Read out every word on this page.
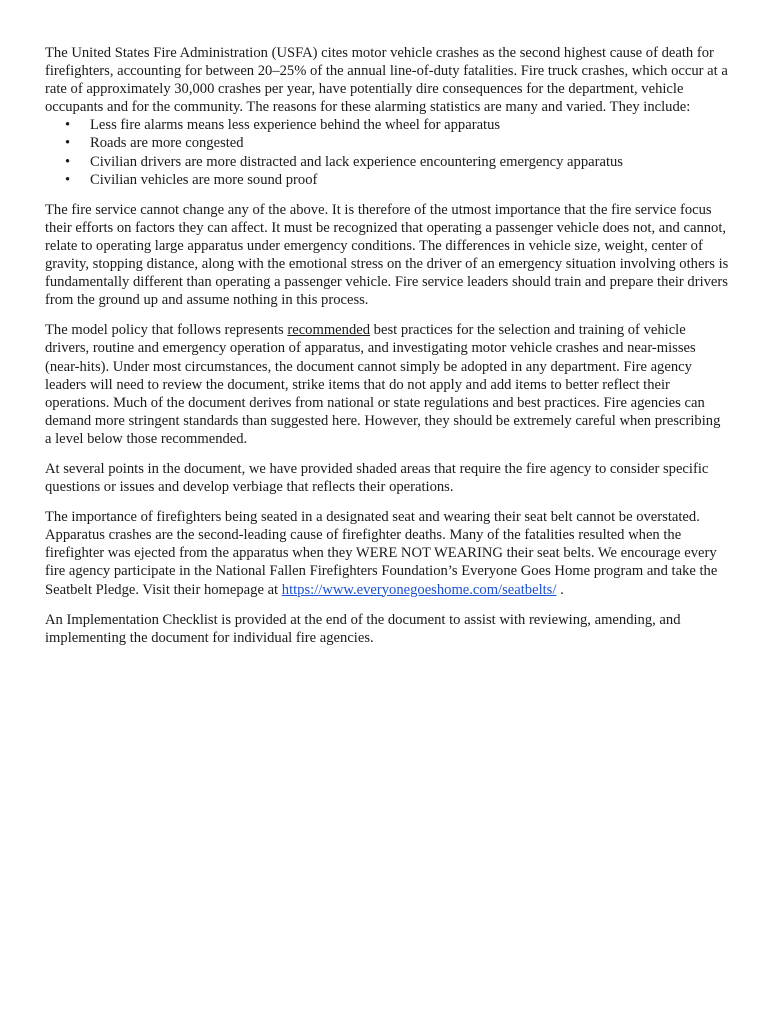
The United States Fire Administration (USFA) cites motor vehicle crashes as the second highest cause of death for firefighters, accounting for between 20–25% of the annual line-of-duty fatalities. Fire truck crashes, which occur at a rate of approximately 30,000 crashes per year, have potentially dire consequences for the department, vehicle occupants and for the community. The reasons for these alarming statistics are many and varied. They include:

• Less fire alarms means less experience behind the wheel for apparatus
• Roads are more congested
• Civilian drivers are more distracted and lack experience encountering emergency apparatus
• Civilian vehicles are more sound proof

The fire service cannot change any of the above. It is therefore of the utmost importance that the fire service focus their efforts on factors they can affect. It must be recognized that operating a passenger vehicle does not, and cannot, relate to operating large apparatus under emergency conditions. The differences in vehicle size, weight, center of gravity, stopping distance, along with the emotional stress on the driver of an emergency situation involving others is fundamentally different than operating a passenger vehicle. Fire service leaders should train and prepare their drivers from the ground up and assume nothing in this process.

The model policy that follows represents recommended best practices for the selection and training of vehicle drivers, routine and emergency operation of apparatus, and investigating motor vehicle crashes and near-misses (near-hits). Under most circumstances, the document cannot simply be adopted in any department. Fire agency leaders will need to review the document, strike items that do not apply and add items to better reflect their operations. Much of the document derives from national or state regulations and best practices. Fire agencies can demand more stringent standards than suggested here. However, they should be extremely careful when prescribing a level below those recommended.

At several points in the document, we have provided shaded areas that require the fire agency to consider specific questions or issues and develop verbiage that reflects their operations.

The importance of firefighters being seated in a designated seat and wearing their seat belt cannot be overstated. Apparatus crashes are the second-leading cause of firefighter deaths. Many of the fatalities resulted when the firefighter was ejected from the apparatus when they WERE NOT WEARING their seat belts. We encourage every fire agency participate in the National Fallen Firefighters Foundation’s Everyone Goes Home program and take the Seatbelt Pledge. Visit their homepage at https://www.everyonegoeshome.com/seatbelts/ .

An Implementation Checklist is provided at the end of the document to assist with reviewing, amending, and implementing the document for individual fire agencies.
